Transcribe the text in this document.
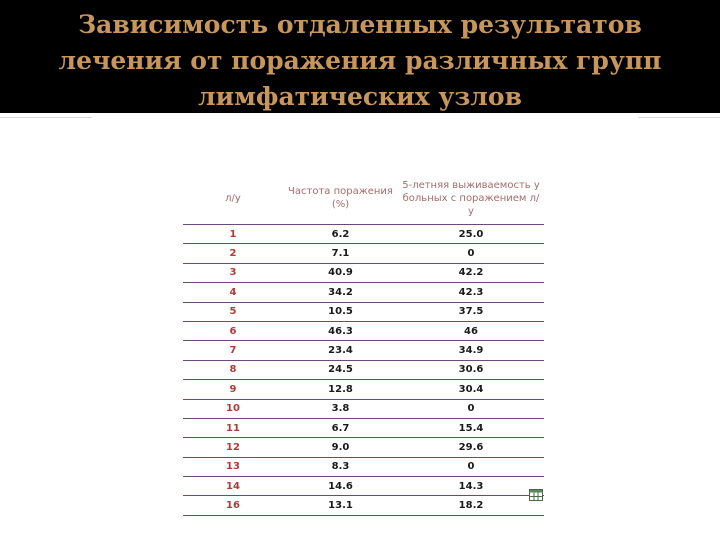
Зависимость отдаленных результатов
лечения от поражения различных групп
лимфатических узлов
л/у	Частота поражения (%)	5-летняя выживаемость у больных с поражением л/у
1	6.2	25.0
2	7.1	0
3	40.9	42.2
4	34.2	42.3
5	10.5	37.5
6	46.3	46
7	23.4	34.9
8	24.5	30.6
9	12.8	30.4
10	3.8	0
11	6.7	15.4
12	9.0	29.6
13	8.3	0
14	14.6	14.3
16	13.1	18.2
